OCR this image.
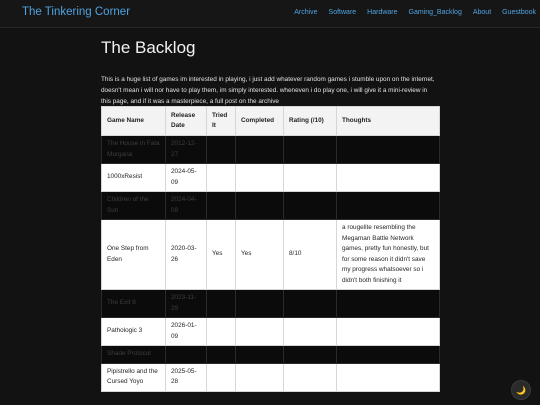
The Tinkering Corner	Archive Software Hardware Gaming_Backlog About Guestbook
The Backlog

This is a huge list of games im interested in playing, i just add whatever random games i stumble upon on the internet, doesn't mean i will nor have to play them, im simply interested. wheneven i do play one, i will give it a mini-review in this page, and if it was a masterpiece, a full post on the archive

Game Name	Release Date	Tried It	Completed	Rating (/10)	Thoughts
The House in Fata Morgana	2012-12-27				
1000xResist	2024-05-09				
Children of the Sun	2024-04-09				
One Step from Eden	2020-03-26	Yes	Yes	8/10	a rougelite resembling the Megaman Battle Network games, pretty fun honestly, but for some reason it didn't save my progress whatsoever so i didn't both finishing it
The Exit 8	2023-11-29				
Pathologic 3	2026-01-09				
Shade Protocol					
Pipistrello and the Cursed Yoyo	2025-05-28				
🌙
